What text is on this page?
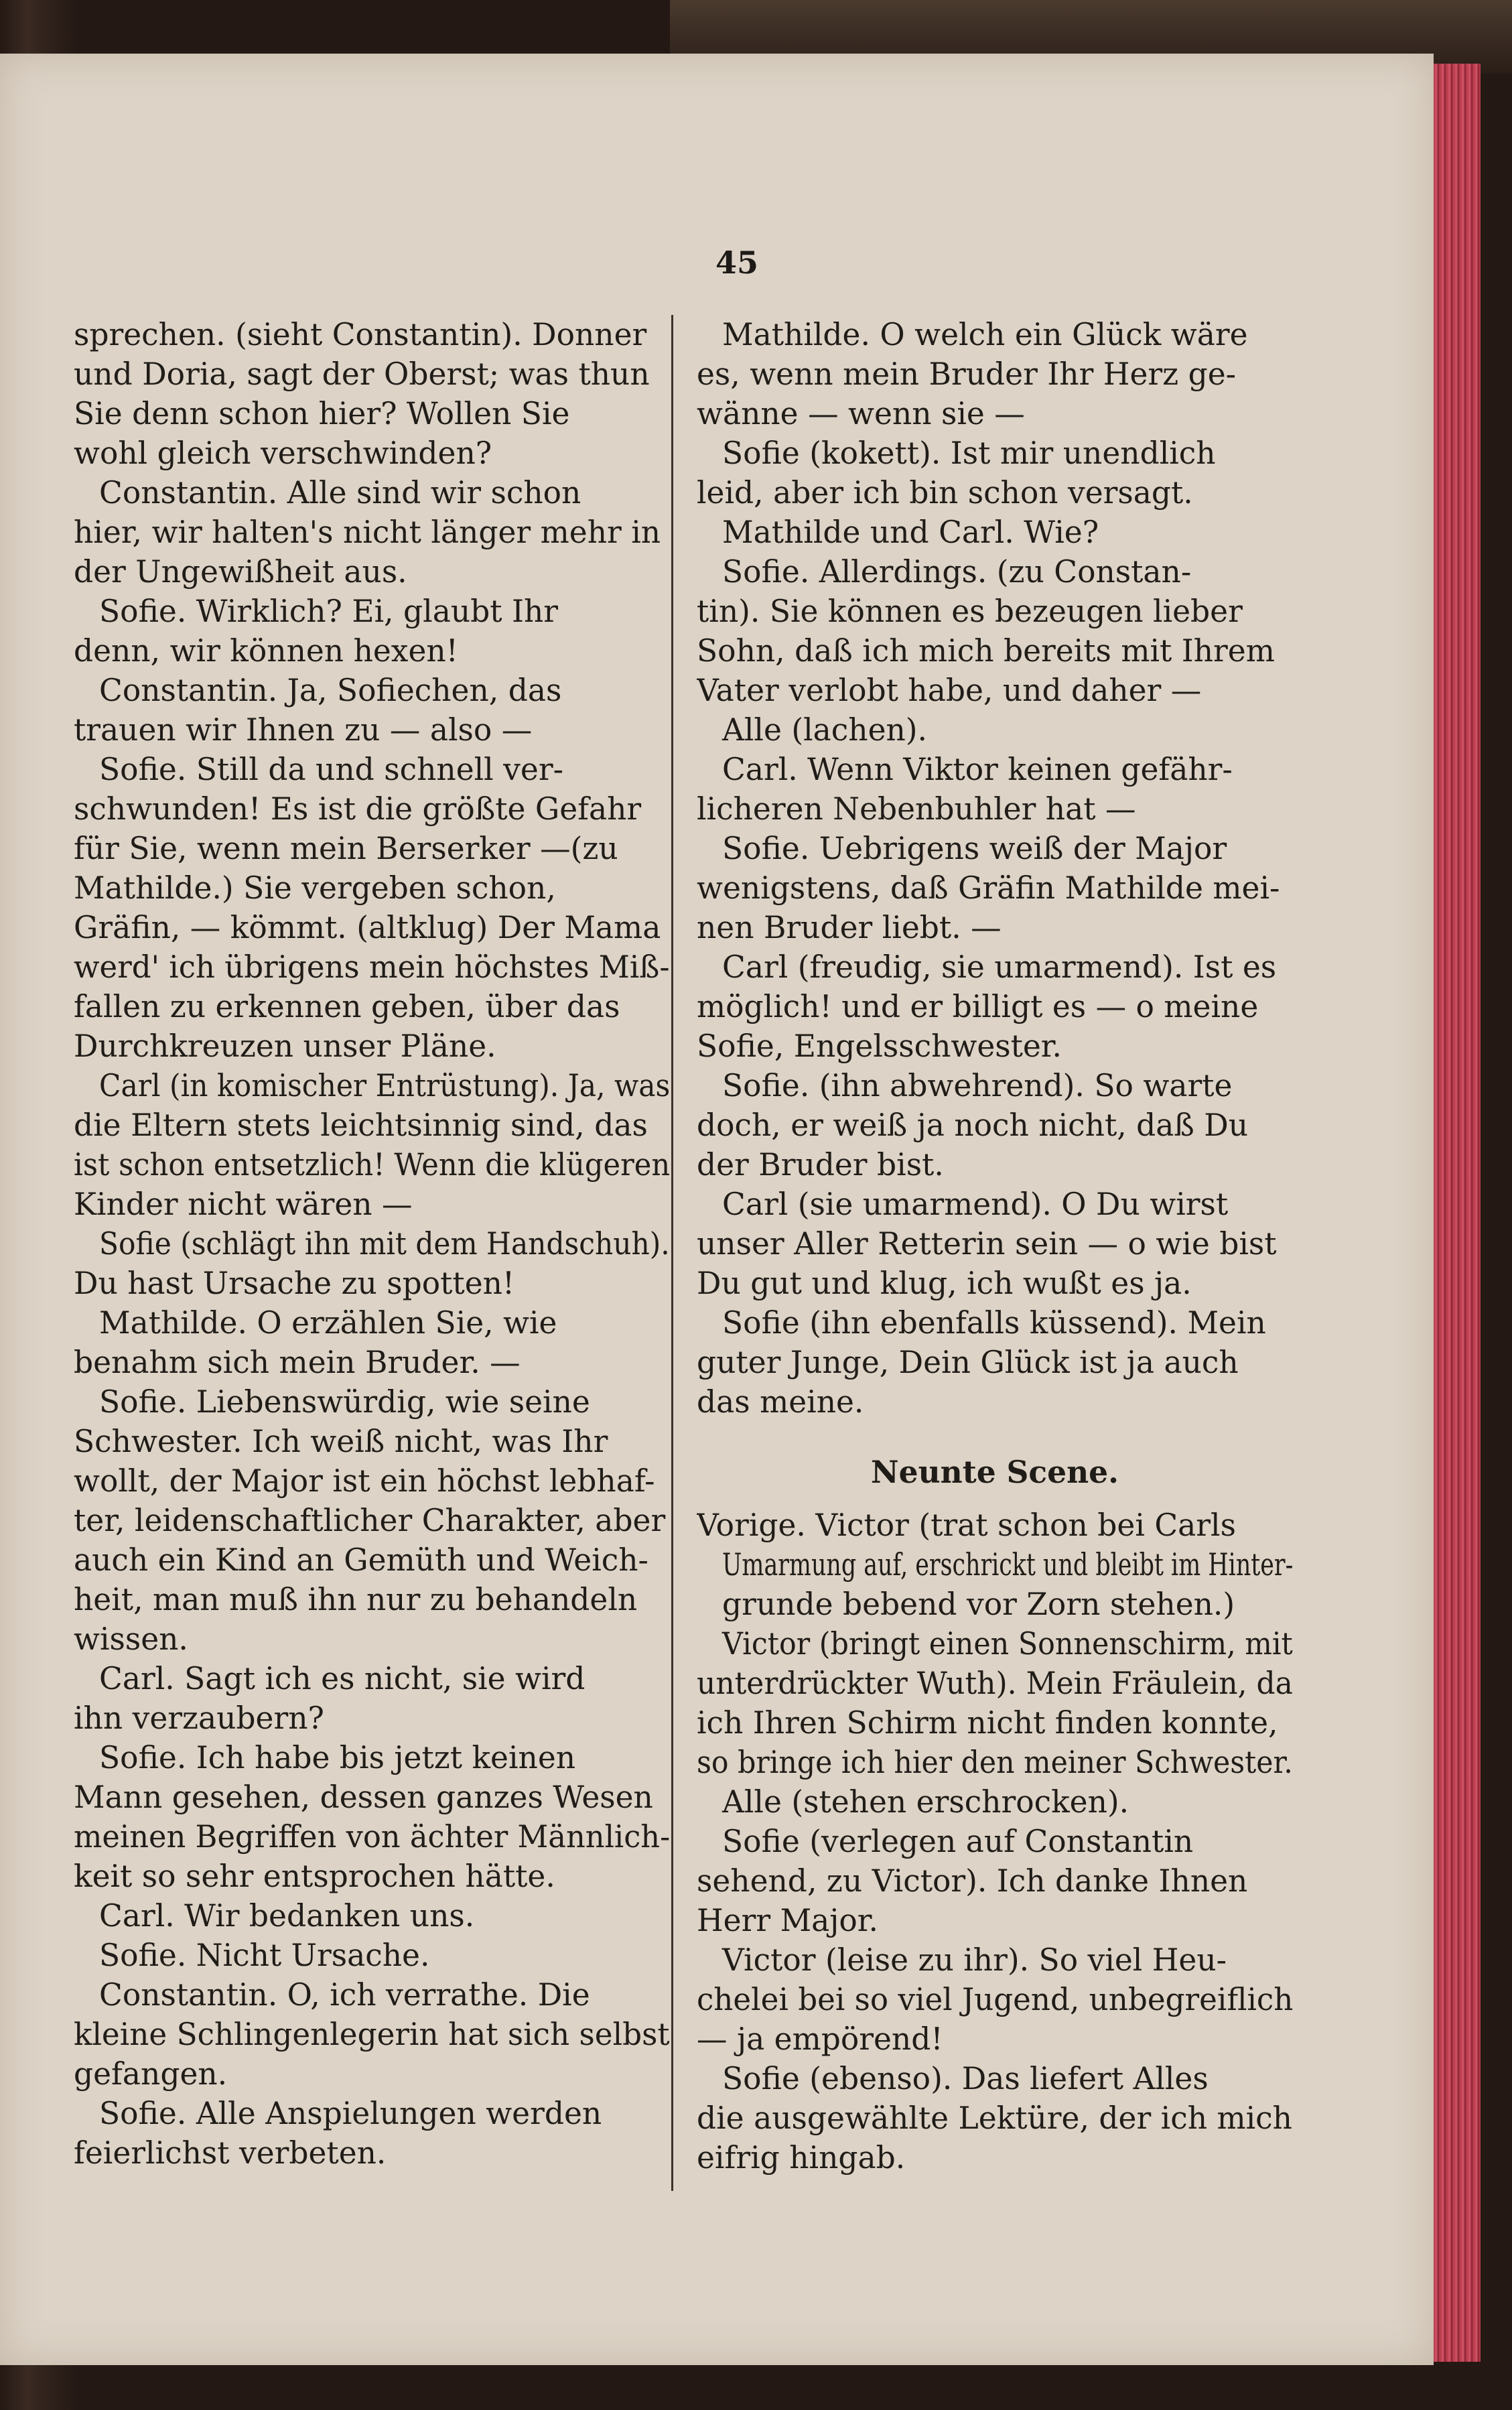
45
sprechen. (sieht Constantin). Donner
und Doria, sagt der Oberst; was thun
Sie denn schon hier? Wollen Sie
wohl gleich verschwinden?
Constantin. Alle sind wir schon
hier, wir halten's nicht länger mehr in
der Ungewißheit aus.
Sofie. Wirklich? Ei, glaubt Ihr
denn, wir können hexen!
Constantin. Ja, Sofiechen, das
trauen wir Ihnen zu — also —
Sofie. Still da und schnell ver-
schwunden! Es ist die größte Gefahr
für Sie, wenn mein Berserker —(zu
Mathilde.) Sie vergeben schon,
Gräfin, — kömmt. (altklug) Der Mama
werd' ich übrigens mein höchstes Miß-
fallen zu erkennen geben, über das
Durchkreuzen unser Pläne.
Carl (in komischer Entrüstung). Ja, was
die Eltern stets leichtsinnig sind, das
ist schon entsetzlich! Wenn die klügeren
Kinder nicht wären —
Sofie (schlägt ihn mit dem Handschuh).
Du hast Ursache zu spotten!
Mathilde. O erzählen Sie, wie
benahm sich mein Bruder. —
Sofie. Liebenswürdig, wie seine
Schwester. Ich weiß nicht, was Ihr
wollt, der Major ist ein höchst lebhaf-
ter, leidenschaftlicher Charakter, aber
auch ein Kind an Gemüth und Weich-
heit, man muß ihn nur zu behandeln
wissen.
Carl. Sagt ich es nicht, sie wird
ihn verzaubern?
Sofie. Ich habe bis jetzt keinen
Mann gesehen, dessen ganzes Wesen
meinen Begriffen von ächter Männlich-
keit so sehr entsprochen hätte.
Carl. Wir bedanken uns.
Sofie. Nicht Ursache.
Constantin. O, ich verrathe. Die
kleine Schlingenlegerin hat sich selbst
gefangen.
Sofie. Alle Anspielungen werden
feierlichst verbeten.
Mathilde. O welch ein Glück wäre
es, wenn mein Bruder Ihr Herz ge-
wänne — wenn sie —
Sofie (kokett). Ist mir unendlich
leid, aber ich bin schon versagt.
Mathilde und Carl. Wie?
Sofie. Allerdings. (zu Constan-
tin). Sie können es bezeugen lieber
Sohn, daß ich mich bereits mit Ihrem
Vater verlobt habe, und daher —
Alle (lachen).
Carl. Wenn Viktor keinen gefähr-
licheren Nebenbuhler hat —
Sofie. Uebrigens weiß der Major
wenigstens, daß Gräfin Mathilde mei-
nen Bruder liebt. —
Carl (freudig, sie umarmend). Ist es
möglich! und er billigt es — o meine
Sofie, Engelsschwester.
Sofie. (ihn abwehrend). So warte
doch, er weiß ja noch nicht, daß Du
der Bruder bist.
Carl (sie umarmend). O Du wirst
unser Aller Retterin sein — o wie bist
Du gut und klug, ich wußt es ja.
Sofie (ihn ebenfalls küssend). Mein
guter Junge, Dein Glück ist ja auch
das meine.
Neunte Scene.
Vorige. Victor (trat schon bei Carls
Umarmung auf, erschrickt und bleibt im Hinter-
grunde bebend vor Zorn stehen.)
Victor (bringt einen Sonnenschirm, mit
unterdrückter Wuth). Mein Fräulein, da
ich Ihren Schirm nicht finden konnte,
so bringe ich hier den meiner Schwester.
Alle (stehen erschrocken).
Sofie (verlegen auf Constantin
sehend, zu Victor). Ich danke Ihnen
Herr Major.
Victor (leise zu ihr). So viel Heu-
chelei bei so viel Jugend, unbegreiflich
— ja empörend!
Sofie (ebenso). Das liefert Alles
die ausgewählte Lektüre, der ich mich
eifrig hingab.
